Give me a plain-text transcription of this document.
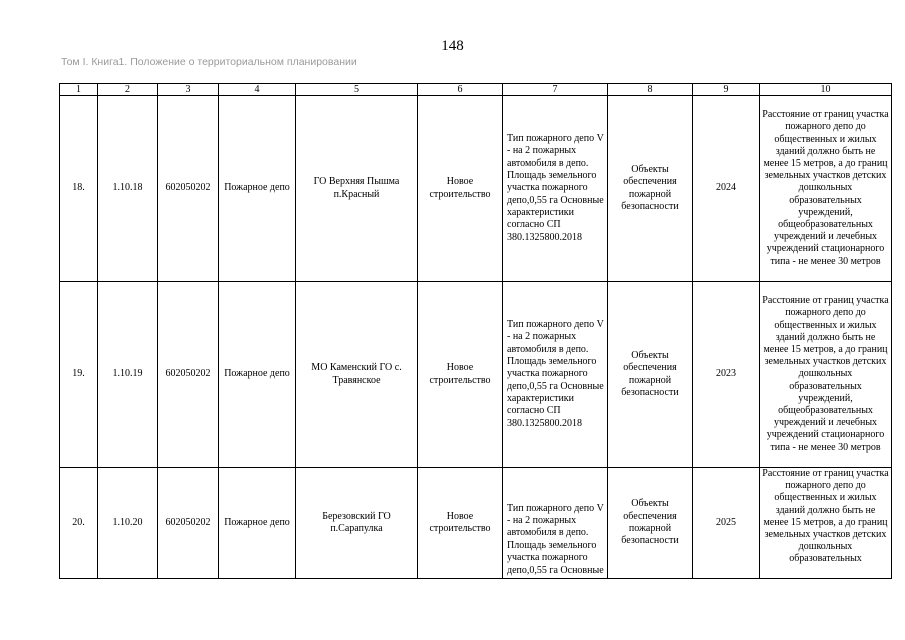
148
Том I. Книга1. Положение о территориальном планировании
1	2	3	4	5	6	7	8	9	10
18.	1.10.18	602050202	Пожарное депо	ГО Верхняя Пышма п.Красный	Новое строительство	Тип пожарного депо V - на 2 пожарных автомобиля в депо. Площадь земельного участка пожарного депо,0,55 га Основные характеристики согласно СП 380.1325800.2018	Объекты обеспечения пожарной безопасности	2024	Расстояние от границ участка пожарного депо до общественных и жилых зданий должно быть не менее 15 метров, а до границ земельных участков детских дошкольных образовательных учреждений, общеобразовательных учреждений и лечебных учреждений стационарного типа - не менее 30 метров
19.	1.10.19	602050202	Пожарное депо	МО Каменский ГО с. Травянское	Новое строительство	Тип пожарного депо V - на 2 пожарных автомобиля в депо. Площадь земельного участка пожарного депо,0,55 га Основные характеристики согласно СП 380.1325800.2018	Объекты обеспечения пожарной безопасности	2023	Расстояние от границ участка пожарного депо до общественных и жилых зданий должно быть не менее 15 метров, а до границ земельных участков детских дошкольных образовательных учреждений, общеобразовательных учреждений и лечебных учреждений стационарного типа - не менее 30 метров
20.	1.10.20	602050202	Пожарное депо	Березовский ГО п.Сарапулка	Новое строительство	Тип пожарного депо V - на 2 пожарных автомобиля в депо. Площадь земельного участка пожарного депо,0,55 га Основные	Объекты обеспечения пожарной безопасности	2025	Расстояние от границ участка пожарного депо до общественных и жилых зданий должно быть не менее 15 метров, а до границ земельных участков детских дошкольных образовательных
